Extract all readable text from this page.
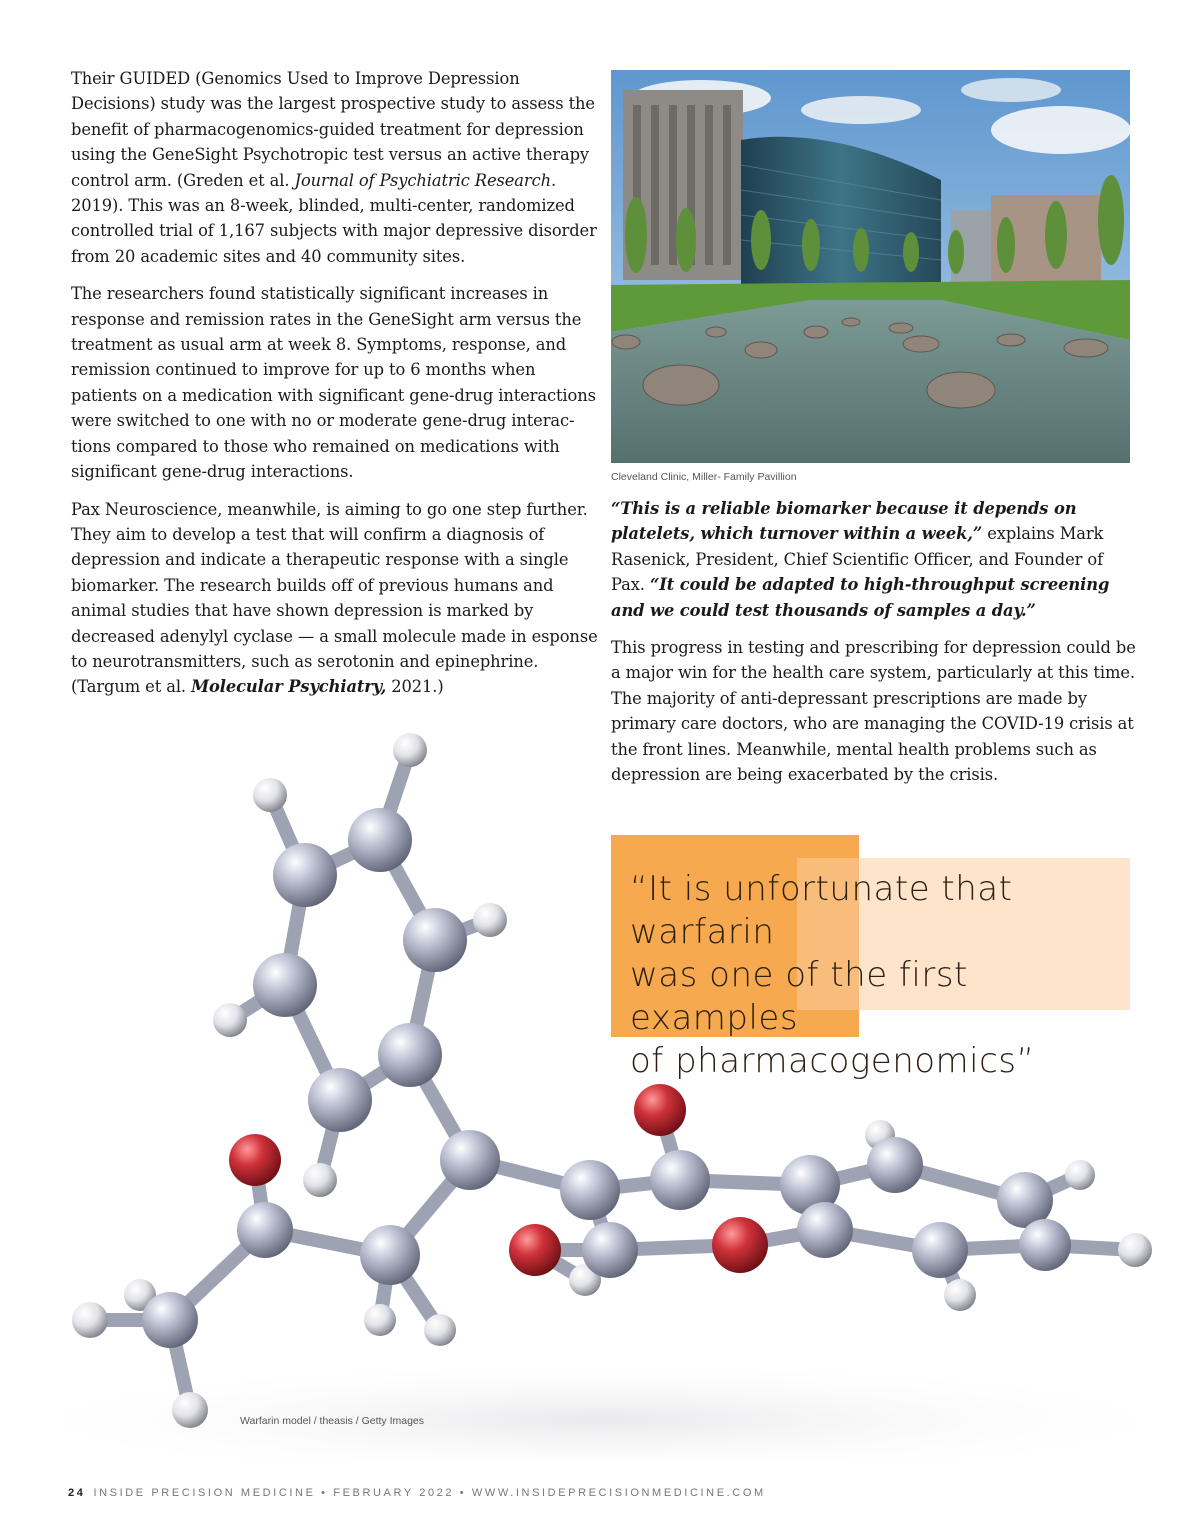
Their GUIDED (Genomics Used to Improve Depression Decisions) study was the largest prospective study to assess the benefit of pharmacogenomics-guided treatment for depression using the GeneSight Psychotropic test versus an active therapy control arm. (Greden et al. Journal of Psychiatric Research. 2019). This was an 8-week, blinded, multi-center, randomized controlled trial of 1,167 subjects with major depressive disorder from 20 academic sites and 40 community sites.

The researchers found statistically significant increases in response and remission rates in the GeneSight arm versus the treatment as usual arm at week 8. Symptoms, response, and remission continued to improve for up to 6 months when patients on a medication with significant gene-drug interactions were switched to one with no or moderate gene-drug interac-tions compared to those who remained on medications with significant gene-drug interactions.

Pax Neuroscience, meanwhile, is aiming to go one step further. They aim to develop a test that will confirm a diagnosis of depression and indicate a therapeutic response with a single biomarker. The research builds off of previous humans and animal studies that have shown depression is marked by decreased adenylyl cyclase — a small molecule made in esponse to neurotransmitters, such as serotonin and epinephrine. (Targum et al. Molecular Psychiatry, 2021.)

Cleveland Clinic, Miller- Family Pavillion

“This is a reliable biomarker because it depends on platelets, which turnover within a week,” explains Mark Rasenick, President, Chief Scientific Officer, and Founder of Pax. “It could be adapted to high-throughput screening and we could test thousands of samples a day.”

This progress in testing and prescribing for depression could be a major win for the health care system, particularly at this time. The majority of anti-depressant prescriptions are made by primary care doctors, who are managing the COVID-19 crisis at the front lines. Meanwhile, mental health problems such as depression are being exacerbated by the crisis.

Warfarin model / theasis / Getty Images
“It is unfortunate that warfarin
was one of the first examples
of pharmacogenomics”
24 INSIDE PRECISION MEDICINE • FEBRUARY 2022 • WWW.INSIDEPRECISIONMEDICINE.COM
